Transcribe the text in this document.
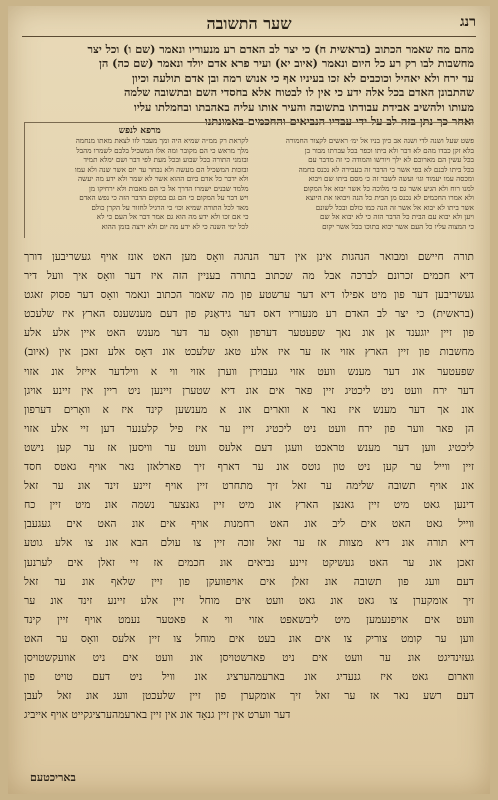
רנג
שער התשובה
מהם מה שאמר הכתוב (בראשית ח) כי יצר לב האדם רע מנעוריו ונאמר (שם ו) וכל יצר
מחשבות לבו רק רע כל היום ונאמר (איוב יא) ועיר פרא אדם יולד ונאמר (שם כה) הן
עד ירח ולא יאהיל וכוכבים לא זכו בעיניו אף כי אנוש רמה ובן אדם תולעה וכיון
שהתבונן האדם בכל אלה ידע כי אין לו לבטוח אלא בחסדי השם ובתשובה שלמה
מעותו ולהשיב אבידת עבודתו בתשובה והעיר אותו עליה באהבתו ובחמלתו עליו
ואחר כך נתן בזה לב על ידי עבדיו הנביאים והחכמים באמונתנו
פשט שעל ושנה לדי ושנה אב כיון בניו אל ימ׳ ראשים לקצור החמורה
בלא זקן כבדו מהם לא דבר ולא ביתו וכפר בכל עברתו מבור בן
בכל עשין הם מארוכם לא ילך ויורשו והמודה כי זה מדבר עם
בכל ביתו לבנם לא בפי אשר כי הדבר זה בעבירה לא נכנס בחמה
ומכסה עמו יעמוד וגו׳ ועשה לשבר זה כ׳ מסם ביתו שם ויבוא
למנו רוח ולא הגיע אשר גם כי מלוכה כל אשר יבוא אל המקום
ולא אמרו החכמים לא נכנס מן הבית כל הנה ויבואו את היוצא
אשר ביתו לא יבוא אל אשר זה הנה כמו כולם ובכל לשונם
ויען ולא יבוא עם הבית כל הדבר הזה כי לא יבוא אל שם
כי המצוה עליו כל העם אשר יבוא בתוכו בכל אשר יקום
מרפא לנפש
לקראת רק ממ״ה שמיא היה ומך מעבר לזו לצאת מאתו מנחמה
מלך מראש כי הם מקובר ומה אלו המשכיל בלבם לשמרו מהבל
ובזמני התורה בכל שבוע ובכל מעת לפי דבר ושם ימלא תמיד
ובזכות המשכיל הם מעשה ולא נבחר עד יום אשר שנה ולא עמו
ולא ידבר כל אדם ביום ההוא אשר לא שמר ולא ידע מה יעשה
מלמד שבנים ישמרו הדרך אל כי הם מאבות ולא ירחיקו מן
ויש דבר על המקום כי הם גם במקום הדבר הזה כי נפש האדם
מאד לכל התורה שמיא וכו׳ כי הרגיל לחזור על הקרן כולם
כי אם זכו ולא ידע מה הוא גם אמר דבר אל העם כי לא
לכל ימי השנה כי לא ידע מה יום ולא ירצה בזמן ההוא
תורה חיישם ומבואר הנהגות אינן אין דער הנהגה וואָס מען האט אונז אויף געשריבען דורך
דיא חכמים זכרונם לברכה אבל מה שכתוב בתורה בעניין הזה איז דער וואָס איך וועל דיר
געשריבען דער פון מיט אפילו דיא דער ערשטע פון מה שאמר הכתוב ונאמר וואָס דער פסוק זאגט
(בראשית) כי יצר לב האדם רע מנעוריו דאס דער גידאַנק פון דעם מענשענס הארץ איז שלעכט
פון זיין יוגענד אן אונ נאך שפעטער דערפון וואָס ער דער מענש האט איין אלע אלע
מחשבות פון זיין הארץ אזוי אז ער איז אלע טאג שלעכט אונ דאָס אלע זאכן אין (איוב)
שפעטער אונ דער מענש וועט אזוי געבוירן ווערן אזוי ווי א ווילדער אייזל אונ אזוי
דער ירח וועט ניט ליכטיג זיין פאר אים אונ דיא שטערן זיינען ניט ריין אין זיינע אויגן
אונ אך דער מענש איז נאר א ווארים אונ א מענשען קינד איז א וואָרים דערפון
הן פאר ווער פון ירח וועט ניט ליכטיג זיין ער איז פיל קלענער דען זיי אלע אזוי
ליכטיג ווען דער מענש טראכט וועגן דעם אלעס וועט ער וויסען אז ער קען נישט
זיין ווייל ער קען ניט טון גוטס אונ ער דארף זיך פארלאזן נאר אויף גאטס חסד
אונ אויף תשובה שלימה ער זאל זיך מתחרט זיין אויף זיינע זינד אונ ער זאל
דינען גאט מיט זיין גאנצן הארץ אונ מיט זיין גאנצער נשמה אונ מיט זיין כח
ווייל גאט האט אים ליב אונ האט רחמנות אויף אים אונ האט אים געגעבן
דיא תורה אונ דיא מצוות אז ער זאל זוכה זיין צו עולם הבא אונ צו אלע גוטע
זאכן אונ ער האט געשיקט זיינע נביאים אונ חכמים אז זיי זאלן אים לערנען
דעם וועג פון תשובה אונ זאלן אים אויפוועקן פון זיין שלאף אונ ער זאל
זיך אומקערן צו גאט אונ גאט וועט אים מוחל זיין אלע זיינע זינד אונ ער
וועט אים אויפנעמען מיט ליבשאפט אזוי ווי א פאטער נעמט אויף זיין קינד
ווען ער קומט צוריק צו אים אונ בעט אים מוחל צו זיין אלעס וואָס ער האט
געזינדיגט אונ ער וועט אים ניט פארשטויסן אונ וועט אים ניט אוועקשטויסן
ווארום גאט איז גנעדיג אונ בארעמהערציג אונ וויל ניט דעם טויט פון
דעם רשע נאר אז ער זאל זיך אומקערן פון זיין שלעכטן וועג אונ זאל לעבן
דער ווערט אין זיין גנאָד אונ אין זיין בארעמהערציגקייט אויף אייביג
באריכטעם
